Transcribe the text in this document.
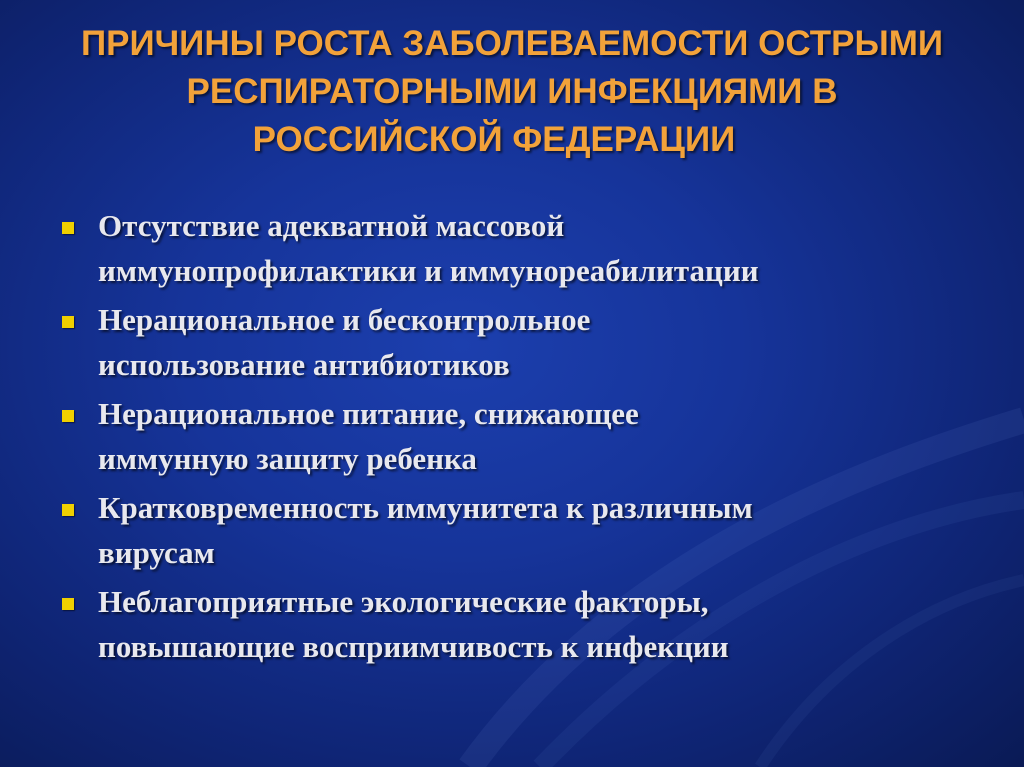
ПРИЧИНЫ РОСТА ЗАБОЛЕВАЕМОСТИ ОСТРЫМИ
РЕСПИРАТОРНЫМИ ИНФЕКЦИЯМИ В
РОССИЙСКОЙ ФЕДЕРАЦИИ
Отсутствие адекватной массовой
иммунопрофилактики и иммунореабилитации
Нерациональное и бесконтрольное
использование антибиотиков
Нерациональное питание, снижающее
иммунную защиту ребенка
Кратковременность иммунитета к различным
вирусам
Неблагоприятные экологические факторы,
повышающие восприимчивость к инфекции
